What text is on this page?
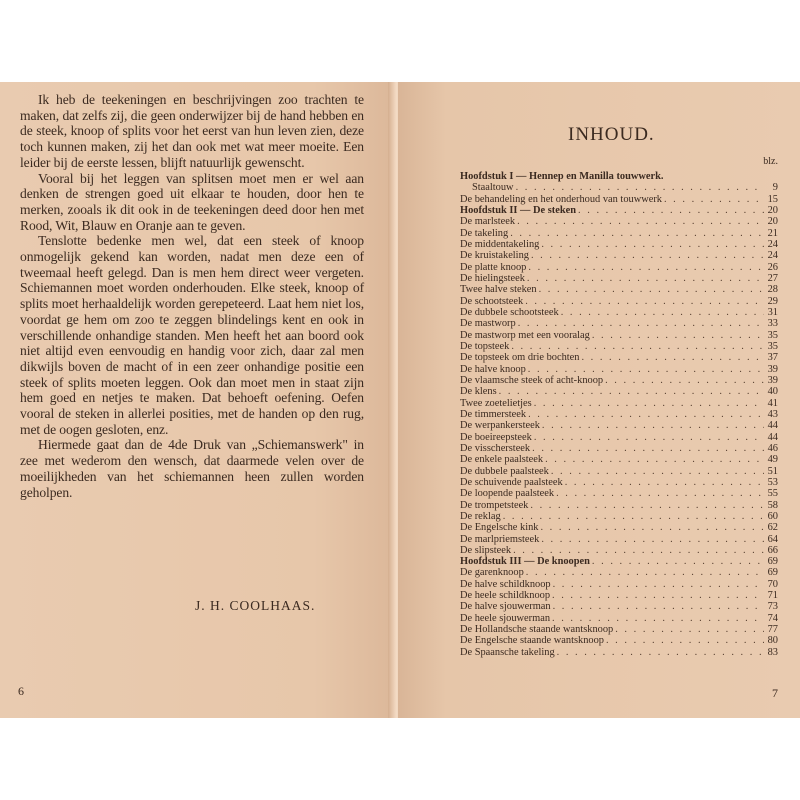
Ik heb de teekeningen en beschrijvingen zoo trachten te maken, dat zelfs zij, die geen onderwijzer bij de hand hebben en de steek, knoop of splits voor het eerst van hun leven zien, deze toch kunnen maken, zij het dan ook met wat meer moeite. Een leider bij de eerste lessen, blijft natuurlijk gewenscht.

Vooral bij het leggen van splitsen moet men er wel aan denken de strengen goed uit elkaar te houden, door hen te merken, zooals ik dit ook in de teekeningen deed door hen met Rood, Wit, Blauw en Oranje aan te geven.

Tenslotte bedenke men wel, dat een steek of knoop onmogelijk gekend kan worden, nadat men deze een of tweemaal heeft gelegd. Dan is men hem direct weer vergeten. Schiemannen moet worden onderhouden. Elke steek, knoop of splits moet herhaaldelijk worden gerepeteerd. Laat hem niet los, voordat ge hem om zoo te zeggen blindelings kent en ook in verschillende onhandige standen. Men heeft het aan boord ook niet altijd even eenvoudig en handig voor zich, daar zal men dikwijls boven de macht of in een zeer onhandige positie een steek of splits moeten leggen. Ook dan moet men in staat zijn hem goed en netjes te maken. Dat behoeft oefening. Oefen vooral de steken in allerlei posities, met de handen op den rug, met de oogen gesloten, enz.

Hiermede gaat dan de 4de Druk van „Schiemanswerk" in zee met wederom den wensch, dat daarmede velen over de moeilijkheden van het schiemannen heen zullen worden geholpen.

J. H. COOLHAAS.
6
INHOUD.
blz.
Hoofdstuk I — Hennep en Manilla touwwerk.
Staaltouw . . .	9
De behandeling en het onderhoud van touwwerk . . .	15
Hoofdstuk II — De steken . . .	20
De marlsteek . . .	20
De takeling . . .	21
De middentakeling . . .	24
De kruistakeling . . .	24
De platte knoop . . .	26
De hielingsteek . . .	27
Twee halve steken . . .	28
De schootsteek . . .	29
De dubbele schootsteek . . .	31
De mastworp . . .	33
De mastworp met een vooralag . . .	35
De topsteek . . .	35
De topsteek om drie bochten . . .	37
De halve knoop . . .	39
De vlaamsche steek of acht-knoop . . .	39
De klens . . .	40
Twee zoetelietjes . . .	41
De timmersteek . . .	43
De werpankersteek . . .	44
De boeireepsteek . . .	44
De visschersteek . . .	46
De enkele paalsteek . . .	49
De dubbele paalsteek . . .	51
De schuivende paalsteek . . .	53
De loopende paalsteek . . .	55
De trompetsteek . . .	58
De reklag . . .	60
De Engelsche kink . . .	62
De marlpriemsteek . . .	64
De slipsteek . . .	66
Hoofdstuk III — De knoopen . . .	69
De garenknoop . . .	69
De halve schildknoop . . .	70
De heele schildknoop . . .	71
De halve sjouwerman . . .	73
De heele sjouwerman . . .	74
De Hollandsche staande wantsknoop . . .	77
De Engelsche staande wantsknoop . . .	80
De Spaansche takeling . . .	83
7
